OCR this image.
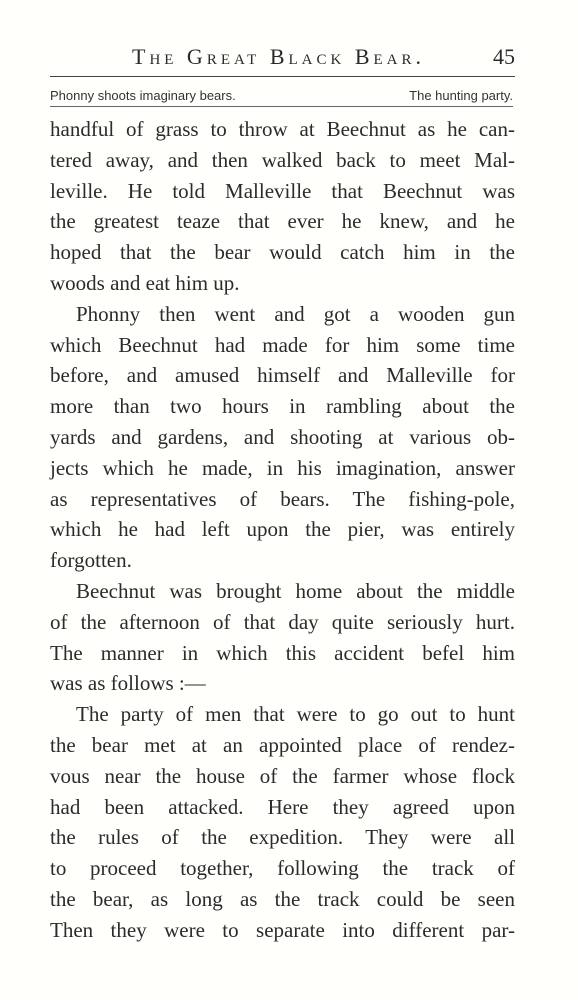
The Great Black Bear.	45
Phonny shoots imaginary bears.	The hunting party.

handful of grass to throw at Beechnut as he can-
tered away, and then walked back to meet Mal-
leville. He told Malleville that Beechnut was
the greatest teaze that ever he knew, and he
hoped that the bear would catch him in the
woods and eat him up.

Phonny then went and got a wooden gun
which Beechnut had made for him some time
before, and amused himself and Malleville for
more than two hours in rambling about the
yards and gardens, and shooting at various ob-
jects which he made, in his imagination, answer
as representatives of bears. The fishing-pole,
which he had left upon the pier, was entirely
forgotten.

Beechnut was brought home about the middle
of the afternoon of that day quite seriously hurt.
The manner in which this accident befel him
was as follows :—

The party of men that were to go out to hunt
the bear met at an appointed place of rendez-
vous near the house of the farmer whose flock
had been attacked. Here they agreed upon
the rules of the expedition. They were all
to proceed together, following the track of
the bear, as long as the track could be seen
Then they were to separate into different par-
